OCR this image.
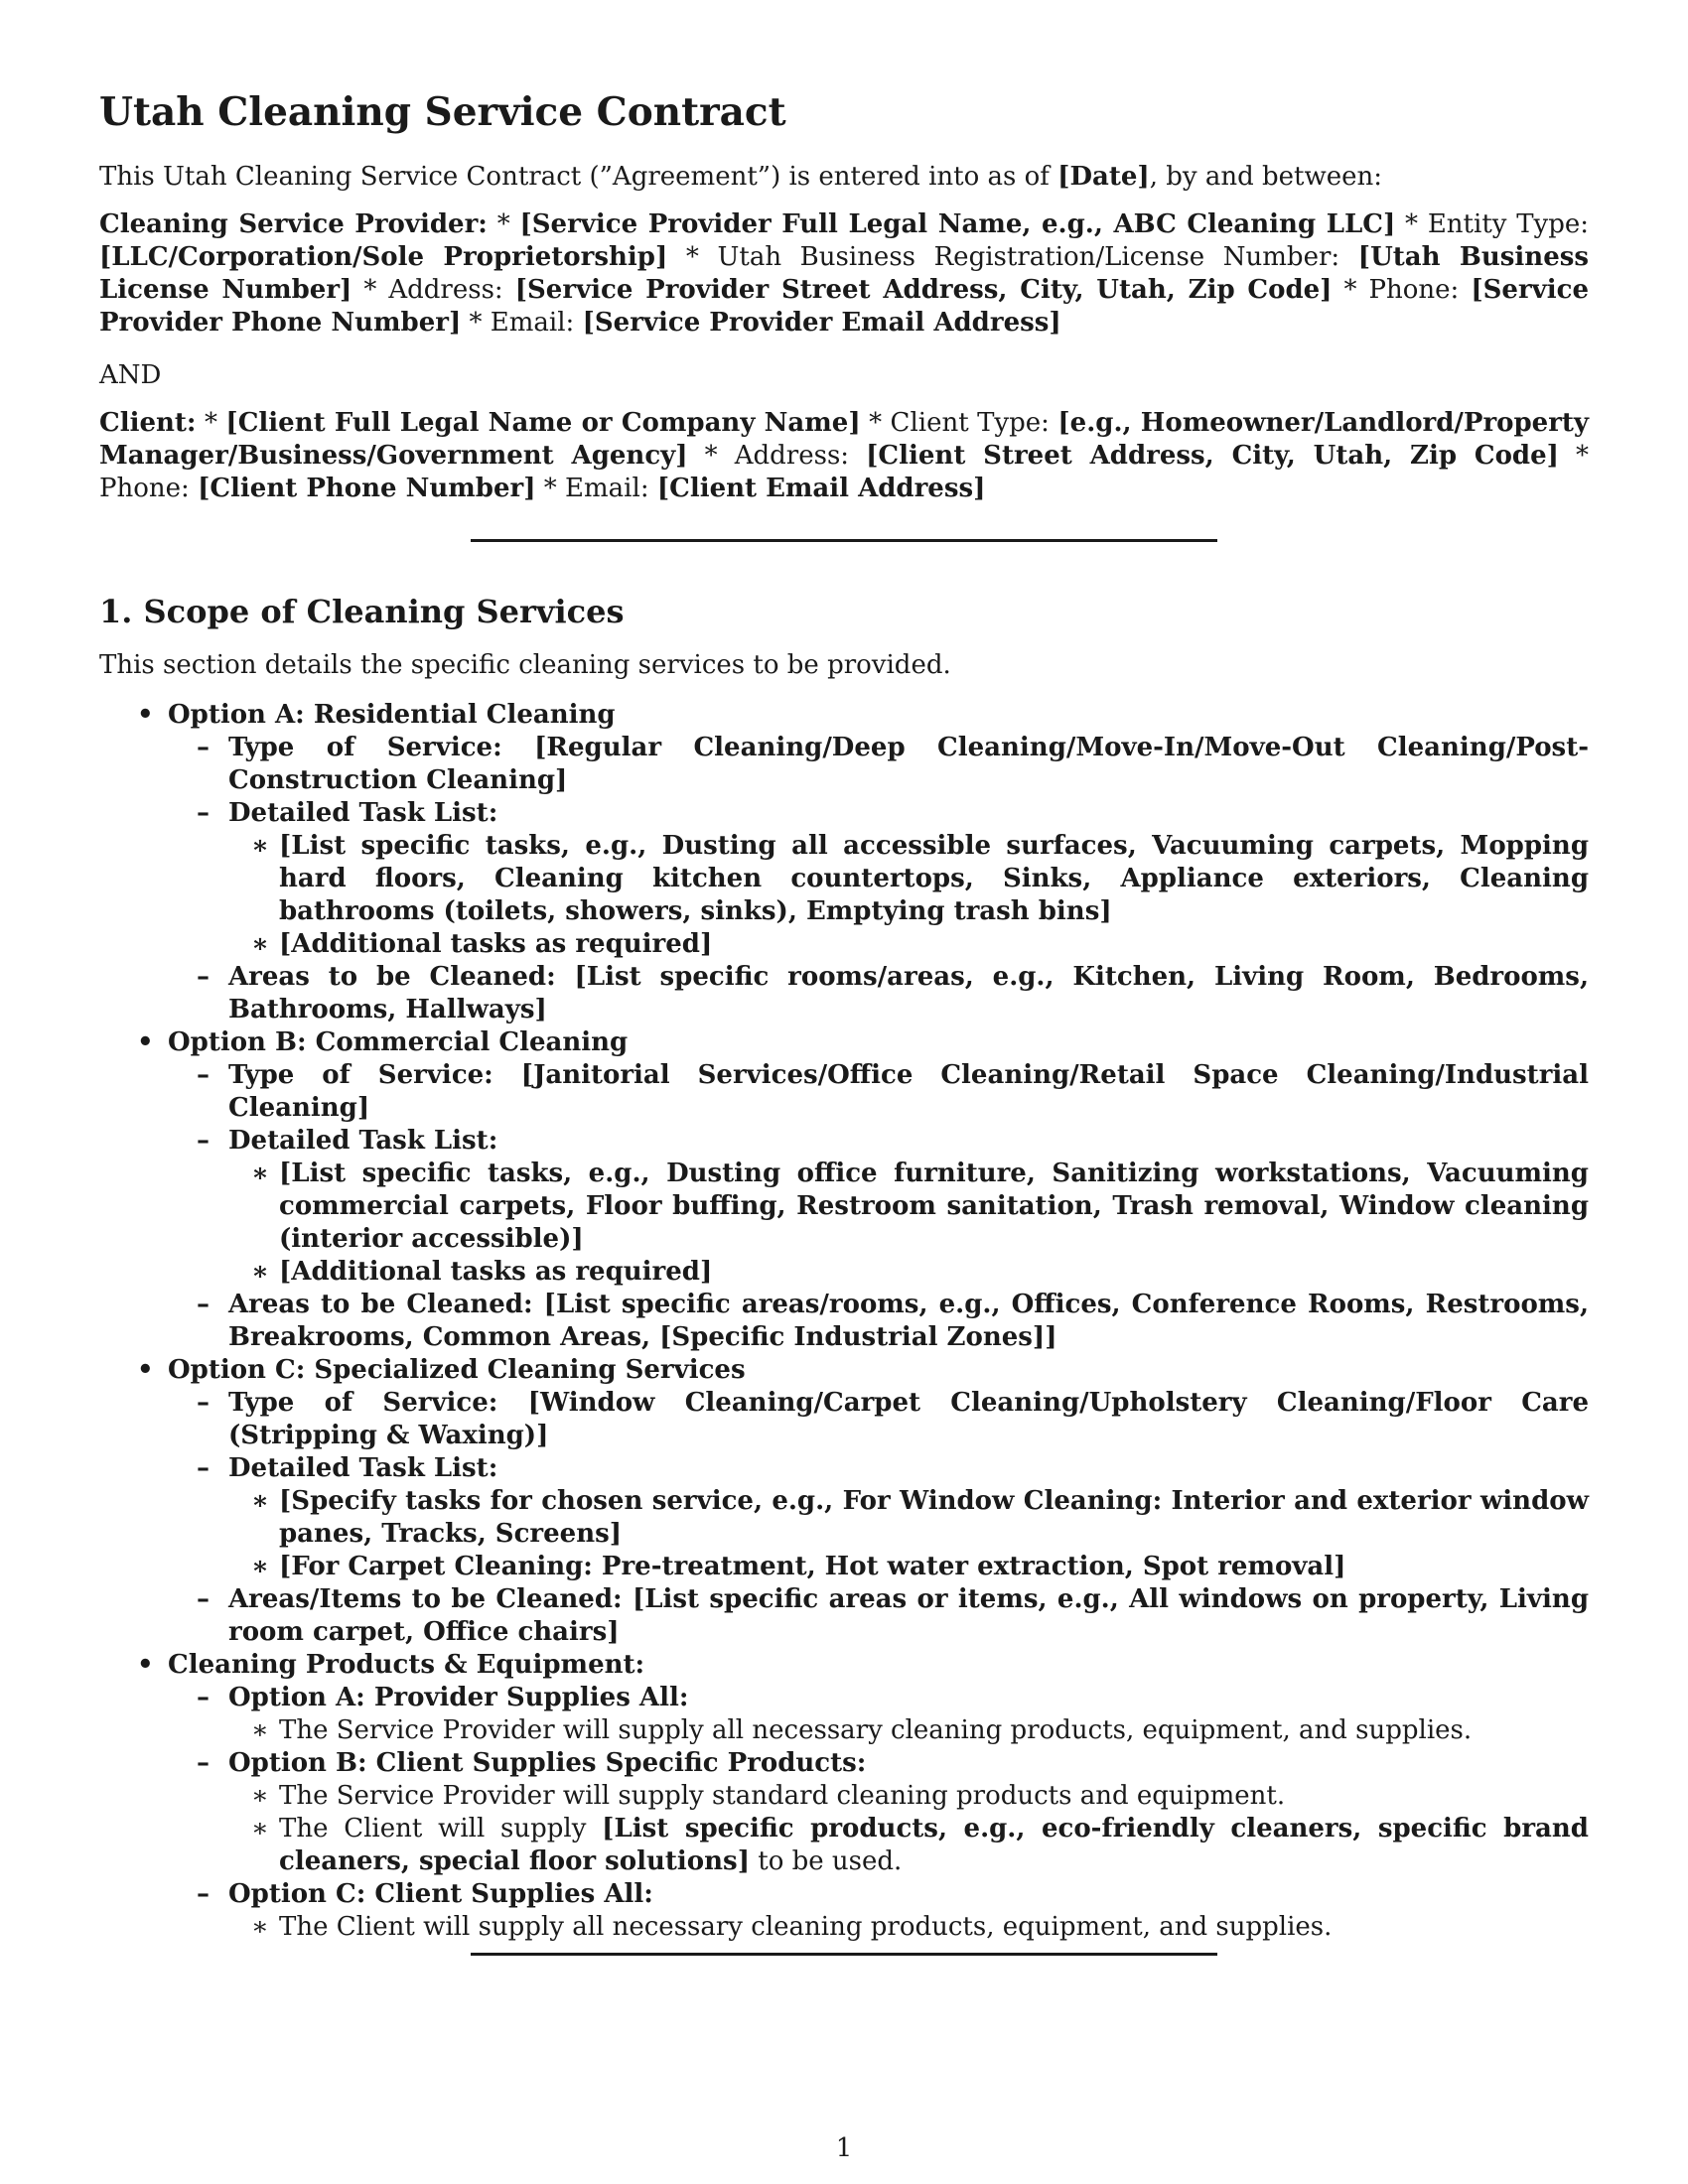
Utah Cleaning Service Contract

This Utah Cleaning Service Contract (”Agreement”) is entered into as of [Date], by and between:

Cleaning Service Provider: * [Service Provider Full Legal Name, e.g., ABC Cleaning LLC] * Entity Type: [LLC/Corporation/Sole Proprietorship] * Utah Business Registration/License Number: [Utah Business License Number] * Address: [Service Provider Street Address, City, Utah, Zip Code] * Phone: [Service Provider Phone Number] * Email: [Service Provider Email Address]

AND

Client: * [Client Full Legal Name or Company Name] * Client Type: [e.g., Homeowner/Landlord/Property Manager/Business/Government Agency] * Address: [Client Street Address, City, Utah, Zip Code] * Phone: [Client Phone Number] * Email: [Client Email Address]

1. Scope of Cleaning Services

This section details the specific cleaning services to be provided.

• Option A: Residential Cleaning
– Type of Service: [Regular Cleaning/Deep Cleaning/Move-In/Move-Out Cleaning/Post-Construction Cleaning]
– Detailed Task List:
∗ [List specific tasks, e.g., Dusting all accessible surfaces, Vacuuming carpets, Mopping hard floors, Cleaning kitchen countertops, Sinks, Appliance exteriors, Cleaning bathrooms (toilets, showers, sinks), Emptying trash bins]
∗ [Additional tasks as required]
– Areas to be Cleaned: [List specific rooms/areas, e.g., Kitchen, Living Room, Bedrooms, Bathrooms, Hallways]
• Option B: Commercial Cleaning
– Type of Service: [Janitorial Services/Office Cleaning/Retail Space Cleaning/Industrial Cleaning]
– Detailed Task List:
∗ [List specific tasks, e.g., Dusting office furniture, Sanitizing workstations, Vacuuming commercial carpets, Floor buffing, Restroom sanitation, Trash removal, Window cleaning (interior accessible)]
∗ [Additional tasks as required]
– Areas to be Cleaned: [List specific areas/rooms, e.g., Offices, Conference Rooms, Restrooms, Breakrooms, Common Areas, [Specific Industrial Zones]]
• Option C: Specialized Cleaning Services
– Type of Service: [Window Cleaning/Carpet Cleaning/Upholstery Cleaning/Floor Care (Stripping & Waxing)]
– Detailed Task List:
∗ [Specify tasks for chosen service, e.g., For Window Cleaning: Interior and exterior window panes, Tracks, Screens]
∗ [For Carpet Cleaning: Pre-treatment, Hot water extraction, Spot removal]
– Areas/Items to be Cleaned: [List specific areas or items, e.g., All windows on property, Living room carpet, Office chairs]
• Cleaning Products & Equipment:
– Option A: Provider Supplies All:
∗ The Service Provider will supply all necessary cleaning products, equipment, and supplies.
– Option B: Client Supplies Specific Products:
∗ The Service Provider will supply standard cleaning products and equipment.
∗ The Client will supply [List specific products, e.g., eco-friendly cleaners, specific brand cleaners, special floor solutions] to be used.
– Option C: Client Supplies All:
∗ The Client will supply all necessary cleaning products, equipment, and supplies.
1
